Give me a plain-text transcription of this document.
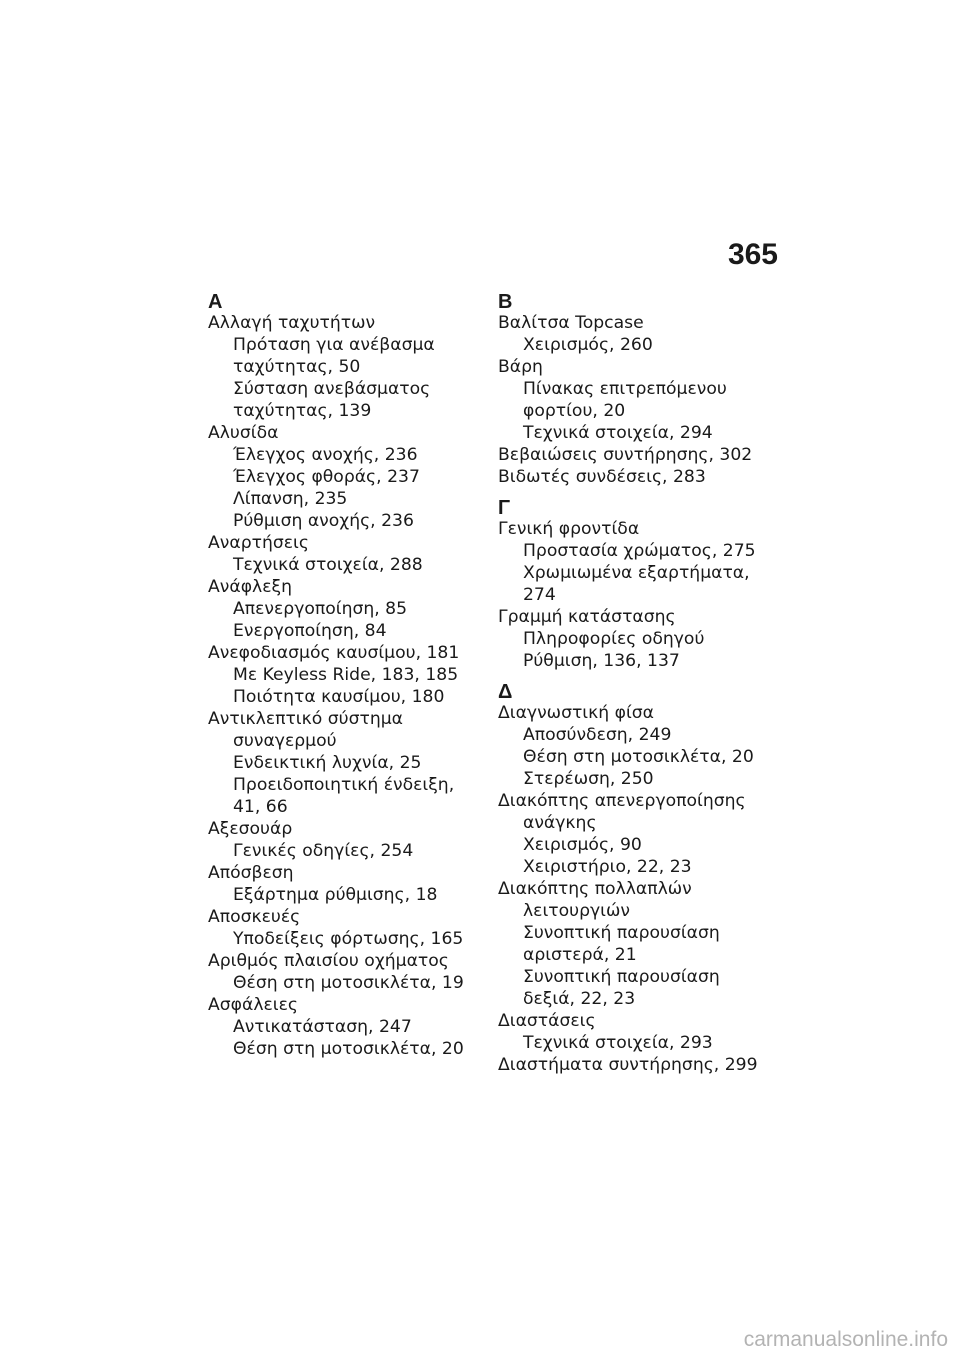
365
Α
Αλλαγή ταχυτήτων
Πρόταση για ανέβασμα ταχύτητας, 50
Σύσταση ανεβάσματος ταχύτητας, 139
Αλυσίδα
Έλεγχος ανοχής, 236
Έλεγχος φθοράς, 237
Λίπανση, 235
Ρύθμιση ανοχής, 236
Αναρτήσεις
Τεχνικά στοιχεία, 288
Ανάφλεξη
Απενεργοποίηση, 85
Ενεργοποίηση, 84
Ανεφοδιασμός καυσίμου, 181
Με Keyless Ride, 183, 185
Ποιότητα καυσίμου, 180
Αντικλεπτικό σύστημα
συναγερμού
Ενδεικτική λυχνία, 25
Προειδοποιητική ένδειξη, 41, 66
Αξεσουάρ
Γενικές οδηγίες, 254
Απόσβεση
Εξάρτημα ρύθμισης, 18
Αποσκευές
Υποδείξεις φόρτωσης, 165
Αριθμός πλαισίου οχήματος
Θέση στη μοτοσικλέτα, 19
Ασφάλειες
Αντικατάσταση, 247
Θέση στη μοτοσικλέτα, 20
Β
Βαλίτσα Topcase
Χειρισμός, 260
Βάρη
Πίνακας επιτρεπόμενου φορτίου, 20
Τεχνικά στοιχεία, 294
Βεβαιώσεις συντήρησης, 302
Βιδωτές συνδέσεις, 283
Γ
Γενική φροντίδα
Προστασία χρώματος, 275
Χρωμιωμένα εξαρτήματα, 274
Γραμμή κατάστασης
Πληροφορίες οδηγού
Ρύθμιση, 136, 137
Δ
Διαγνωστική φίσα
Αποσύνδεση, 249
Θέση στη μοτοσικλέτα, 20
Στερέωση, 250
Διακόπτης απενεργοποίησης
ανάγκης
Χειρισμός, 90
Χειριστήριο, 22, 23
Διακόπτης πολλαπλών
λειτουργιών
Συνοπτική παρουσίαση αριστερά, 21
Συνοπτική παρουσίαση δεξιά, 22, 23
Διαστάσεις
Τεχνικά στοιχεία, 293
Διαστήματα συντήρησης, 299
carmanualsonline.info
